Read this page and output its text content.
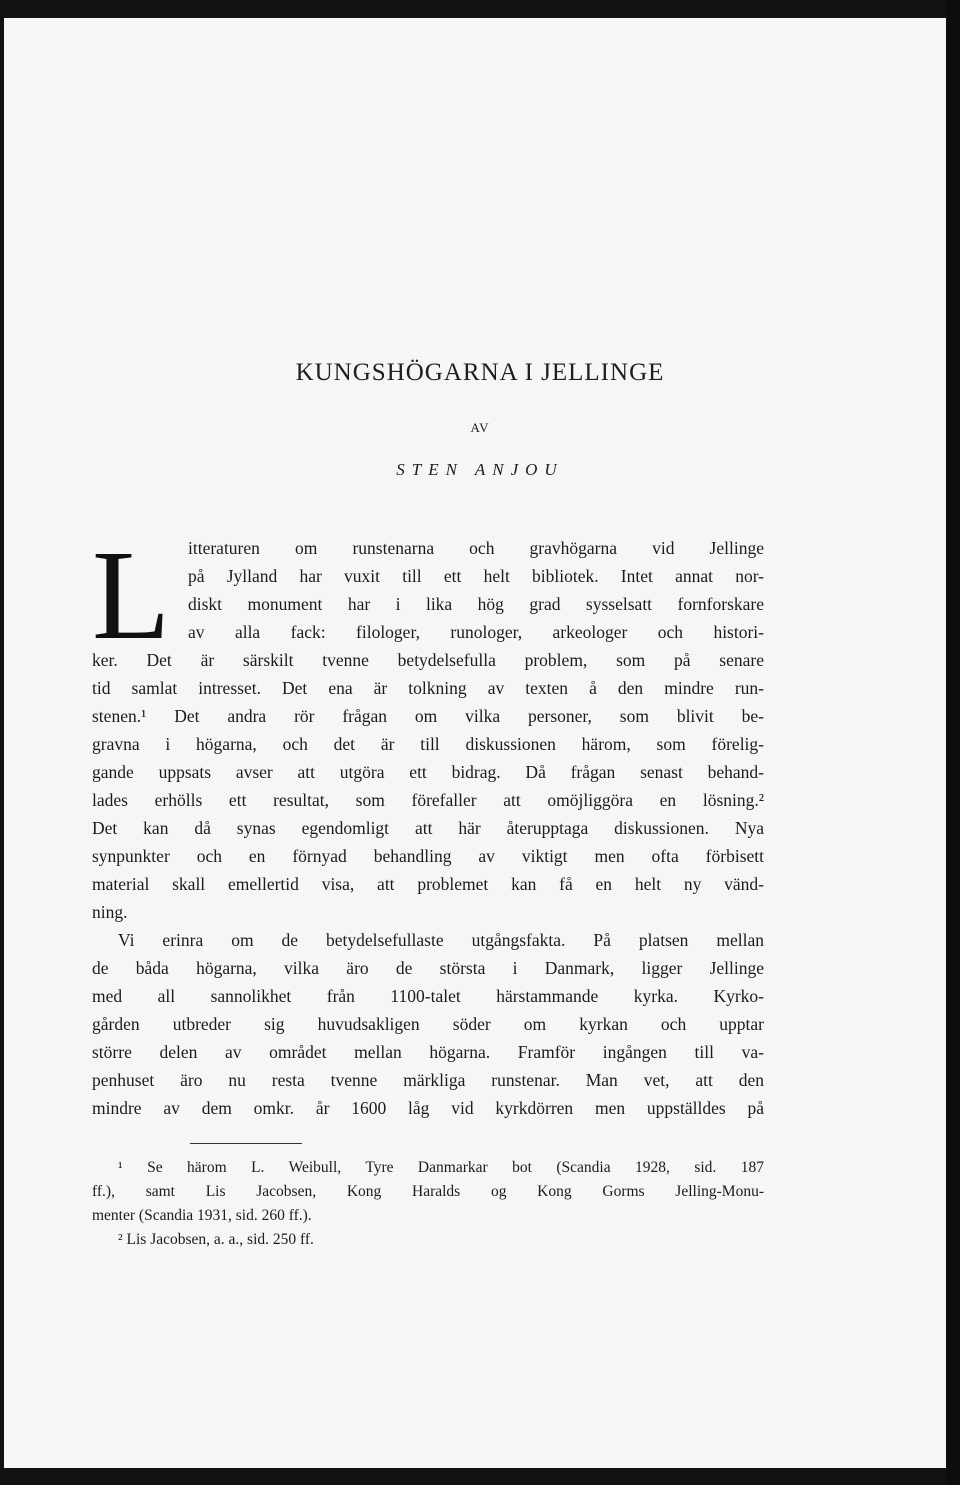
KUNGSHÖGARNA I JELLINGE
AV
STEN ANJOU
L	itteraturen om runstenarna och gravhögarna vid Jellinge
på Jylland har vuxit till ett helt bibliotek. Intet annat nor-
diskt monument har i lika hög grad sysselsatt fornforskare
av alla fack: filologer, runologer, arkeologer och histori-
ker. Det är särskilt tvenne betydelsefulla problem, som på senare
tid samlat intresset. Det ena är tolkning av texten å den mindre run-
stenen.¹ Det andra rör frågan om vilka personer, som blivit be-
gravna i högarna, och det är till diskussionen härom, som förelig-
gande uppsats avser att utgöra ett bidrag. Då frågan senast behand-
lades erhölls ett resultat, som förefaller att omöjliggöra en lösning.²
Det kan då synas egendomligt att här återupptaga diskussionen. Nya
synpunkter och en förnyad behandling av viktigt men ofta förbisett
material skall emellertid visa, att problemet kan få en helt ny vänd-
ning.
Vi erinra om de betydelsefullaste utgångsfakta. På platsen mellan
de båda högarna, vilka äro de största i Danmark, ligger Jellinge
med all sannolikhet från 1100-talet härstammande kyrka. Kyrko-
gården utbreder sig huvudsakligen söder om kyrkan och upptar
större delen av området mellan högarna. Framför ingången till va-
penhuset äro nu resta tvenne märkliga runstenar. Man vet, att den
mindre av dem omkr. år 1600 låg vid kyrkdörren men uppställdes på
¹ Se härom L. Weibull, Tyre Danmarkar bot (Scandia 1928, sid. 187
ff.), samt Lis Jacobsen, Kong Haralds og Kong Gorms Jelling-Monu-
menter (Scandia 1931, sid. 260 ff.).
² Lis Jacobsen, a. a., sid. 250 ff.
